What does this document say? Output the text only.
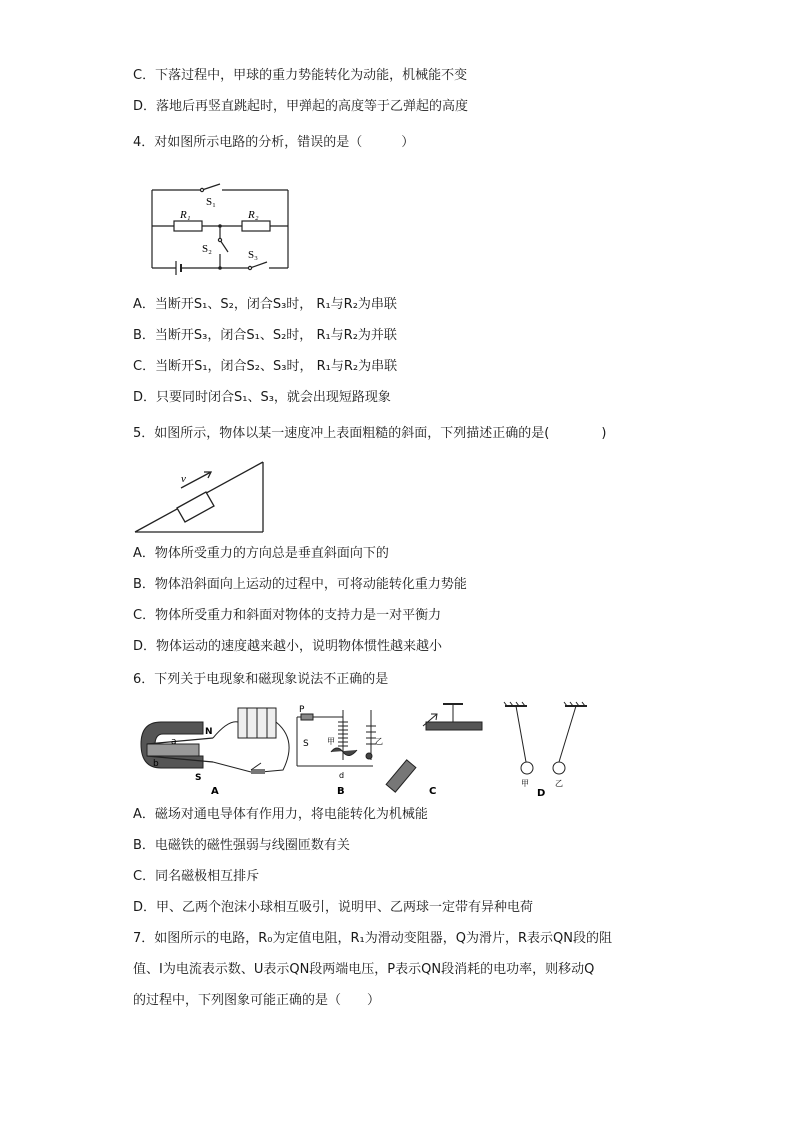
C．下落过程中，甲球的重力势能转化为动能，机械能不变
D．落地后再竖直跳起时，甲弹起的高度等于乙弹起的高度
4．对如图所示电路的分析，错误的是（　　　）
S₁
R₁	R₂
S₂	S₃
A．当断开S₁、S₂，闭合S₃时， R₁与R₂为串联
B．当断开S₃，闭合S₁、S₂时， R₁与R₂为并联
C．当断开S₁，闭合S₂、S₃时， R₁与R₂为串联
D．只要同时闭合S₁、S₃，就会出现短路现象
5．如图所示，物体以某一速度冲上表面粗糙的斜面，下列描述正确的是(　　　　)
v
A．物体所受重力的方向总是垂直斜面向下的
B．物体沿斜面向上运动的过程中，可将动能转化重力势能
C．物体所受重力和斜面对物体的支持力是一对平衡力
D．物体运动的速度越来越小，说明物体惯性越来越小
6．下列关于电现象和磁现象说法不正确的是
N
S
a
b
A
P
S 甲	乙
d
B	C
甲	乙
D
A．磁场对通电导体有作用力，将电能转化为机械能
B．电磁铁的磁性强弱与线圈匝数有关
C．同名磁极相互排斥
D．甲、乙两个泡沫小球相互吸引，说明甲、乙两球一定带有异种电荷
7．如图所示的电路，R₀为定值电阻，R₁为滑动变阻器，Q为滑片，R表示QN段的阻
值、I为电流表示数、U表示QN段两端电压，P表示QN段消耗的电功率，则移动Q
的过程中，下列图象可能正确的是（　　）
